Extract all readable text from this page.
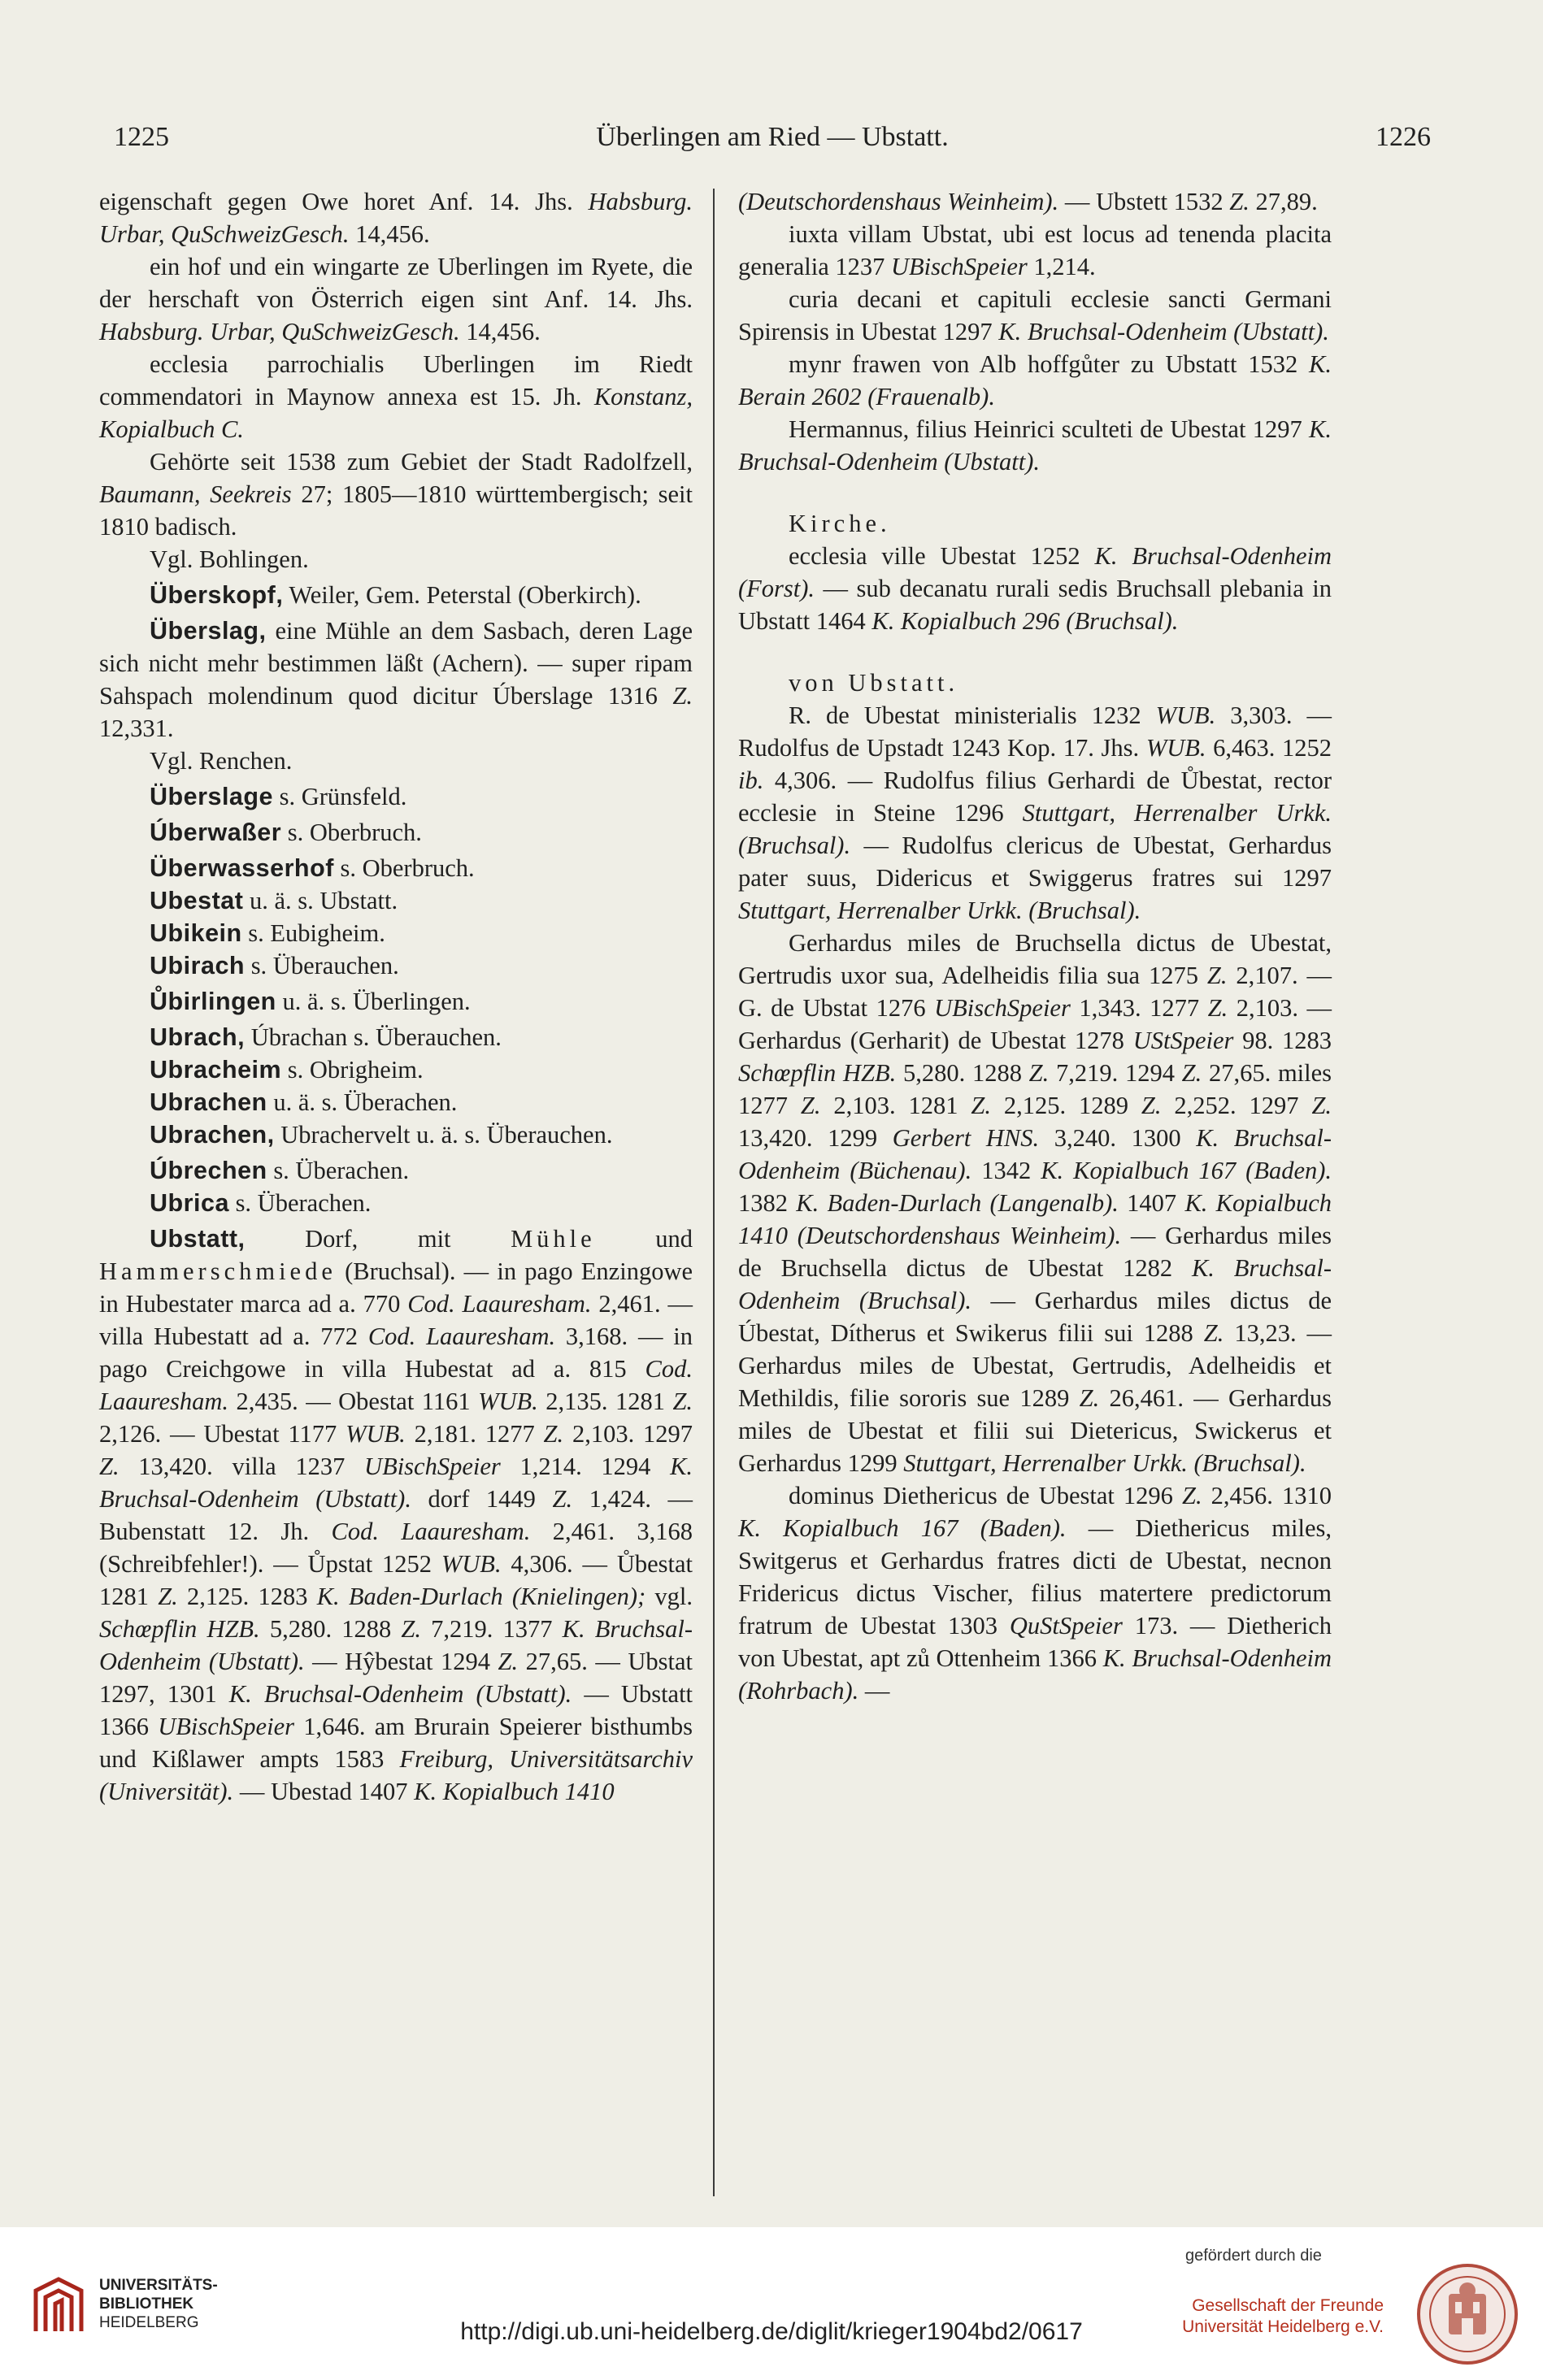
1225	Überlingen am Ried — Ubstatt.	1226

eigenschaft gegen Owe horet Anf. 14. Jhs. Habsburg. Urbar, QuSchweizGesch. 14,456.

ein hof und ein wingarte ze Uberlingen im Ryete, die der herschaft von Österrich eigen sint Anf. 14. Jhs. Habsburg. Urbar, QuSchweizGesch. 14,456.

ecclesia parrochialis Uberlingen im Riedt commendatori in Maynow annexa est 15. Jh. Konstanz, Kopialbuch C.

Gehörte seit 1538 zum Gebiet der Stadt Radolfzell, Baumann, Seekreis 27; 1805—1810 württembergisch; seit 1810 badisch.

Vgl. Bohlingen.

Überskopf, Weiler, Gem. Peterstal (Oberkirch).

Überslag, eine Mühle an dem Sasbach, deren Lage sich nicht mehr bestimmen läßt (Achern). — super ripam Sahspach molendinum quod dicitur Úberslage 1316 Z. 12,331.

Vgl. Renchen.

Überslage s. Grünsfeld.

Úberwaßer s. Oberbruch.

Überwasserhof s. Oberbruch.

Ubestat u. ä. s. Ubstatt.

Ubikein s. Eubigheim.

Ubirach s. Überauchen.

Ůbirlingen u. ä. s. Überlingen.

Ubrach, Úbrachan s. Überauchen.

Ubracheim s. Obrigheim.

Ubrachen u. ä. s. Überachen.

Ubrachen, Ubrachervelt u. ä. s. Überauchen.

Úbrechen s. Überachen.

Ubrica s. Überachen.

Ubstatt, Dorf, mit Mühle und Hammerschmiede (Bruchsal). — in pago Enzingowe in Hubestater marca ad a. 770 Cod. Laauresham. 2,461. — villa Hubestatt ad a. 772 Cod. Laauresham. 3,168. — in pago Creichgowe in villa Hubestat ad a. 815 Cod. Laauresham. 2,435. — Obestat 1161 WUB. 2,135. 1281 Z. 2,126. — Ubestat 1177 WUB. 2,181. 1277 Z. 2,103. 1297 Z. 13,420. villa 1237 UBischSpeier 1,214. 1294 K. Bruchsal-Odenheim (Ubstatt). dorf 1449 Z. 1,424. — Bubenstatt 12. Jh. Cod. Laauresham. 2,461. 3,168 (Schreibfehler!). — Ůpstat 1252 WUB. 4,306. — Ůbestat 1281 Z. 2,125. 1283 K. Baden-Durlach (Knielingen); vgl. Schœpflin HZB. 5,280. 1288 Z. 7,219. 1377 K. Bruchsal-Odenheim (Ubstatt). — Hŷbestat 1294 Z. 27,65. — Ubstat 1297, 1301 K. Bruchsal-Odenheim (Ubstatt). — Ubstatt 1366 UBischSpeier 1,646. am Brurain Speierer bisthumbs und Kißlawer ampts 1583 Freiburg, Universitätsarchiv (Universität). — Ubestad 1407 K. Kopialbuch 1410

(Deutschordenshaus Weinheim). — Ubstett 1532 Z. 27,89.

iuxta villam Ubstat, ubi est locus ad tenenda placita generalia 1237 UBischSpeier 1,214.

curia decani et capituli ecclesie sancti Germani Spirensis in Ubestat 1297 K. Bruchsal-Odenheim (Ubstatt).

mynr frawen von Alb hoffgůter zu Ubstatt 1532 K. Berain 2602 (Frauenalb).

Hermannus, filius Heinrici sculteti de Ubestat 1297 K. Bruchsal-Odenheim (Ubstatt).

Kirche.

ecclesia ville Ubestat 1252 K. Bruchsal-Odenheim (Forst). — sub decanatu rurali sedis Bruchsall plebania in Ubstatt 1464 K. Kopialbuch 296 (Bruchsal).

von Ubstatt.

R. de Ubestat ministerialis 1232 WUB. 3,303. — Rudolfus de Upstadt 1243 Kop. 17. Jhs. WUB. 6,463. 1252 ib. 4,306. — Rudolfus filius Gerhardi de Ůbestat, rector ecclesie in Steine 1296 Stuttgart, Herrenalber Urkk. (Bruchsal). — Rudolfus clericus de Ubestat, Gerhardus pater suus, Didericus et Swiggerus fratres sui 1297 Stuttgart, Herrenalber Urkk. (Bruchsal).

Gerhardus miles de Bruchsella dictus de Ubestat, Gertrudis uxor sua, Adelheidis filia sua 1275 Z. 2,107. — G. de Ubstat 1276 UBischSpeier 1,343. 1277 Z. 2,103. — Gerhardus (Gerharit) de Ubestat 1278 UStSpeier 98. 1283 Schœpflin HZB. 5,280. 1288 Z. 7,219. 1294 Z. 27,65. miles 1277 Z. 2,103. 1281 Z. 2,125. 1289 Z. 2,252. 1297 Z. 13,420. 1299 Gerbert HNS. 3,240. 1300 K. Bruchsal-Odenheim (Büchenau). 1342 K. Kopialbuch 167 (Baden). 1382 K. Baden-Durlach (Langenalb). 1407 K. Kopialbuch 1410 (Deutschordenshaus Weinheim). — Gerhardus miles de Bruchsella dictus de Ubestat 1282 K. Bruchsal-Odenheim (Bruchsal). — Gerhardus miles dictus de Úbestat, Dítherus et Swikerus filii sui 1288 Z. 13,23. — Gerhardus miles de Ubestat, Gertrudis, Adelheidis et Methildis, filie sororis sue 1289 Z. 26,461. — Gerhardus miles de Ubestat et filii sui Dietericus, Swickerus et Gerhardus 1299 Stuttgart, Herrenalber Urkk. (Bruchsal).

dominus Diethericus de Ubestat 1296 Z. 2,456. 1310 K. Kopialbuch 167 (Baden). — Diethericus miles, Switgerus et Gerhardus fratres dicti de Ubestat, necnon Fridericus dictus Vischer, filius matertere predictorum fratrum de Ubestat 1303 QuStSpeier 173. — Dietherich von Ubestat, apt zů Ottenheim 1366 K. Bruchsal-Odenheim (Rohrbach). —

UNIVERSITÄTS-
BIBLIOTHEK
HEIDELBERG	http://digi.ub.uni-heidelberg.de/diglit/krieger1904bd2/0617
gefördert durch die
Gesellschaft der Freunde
Universität Heidelberg e.V.
